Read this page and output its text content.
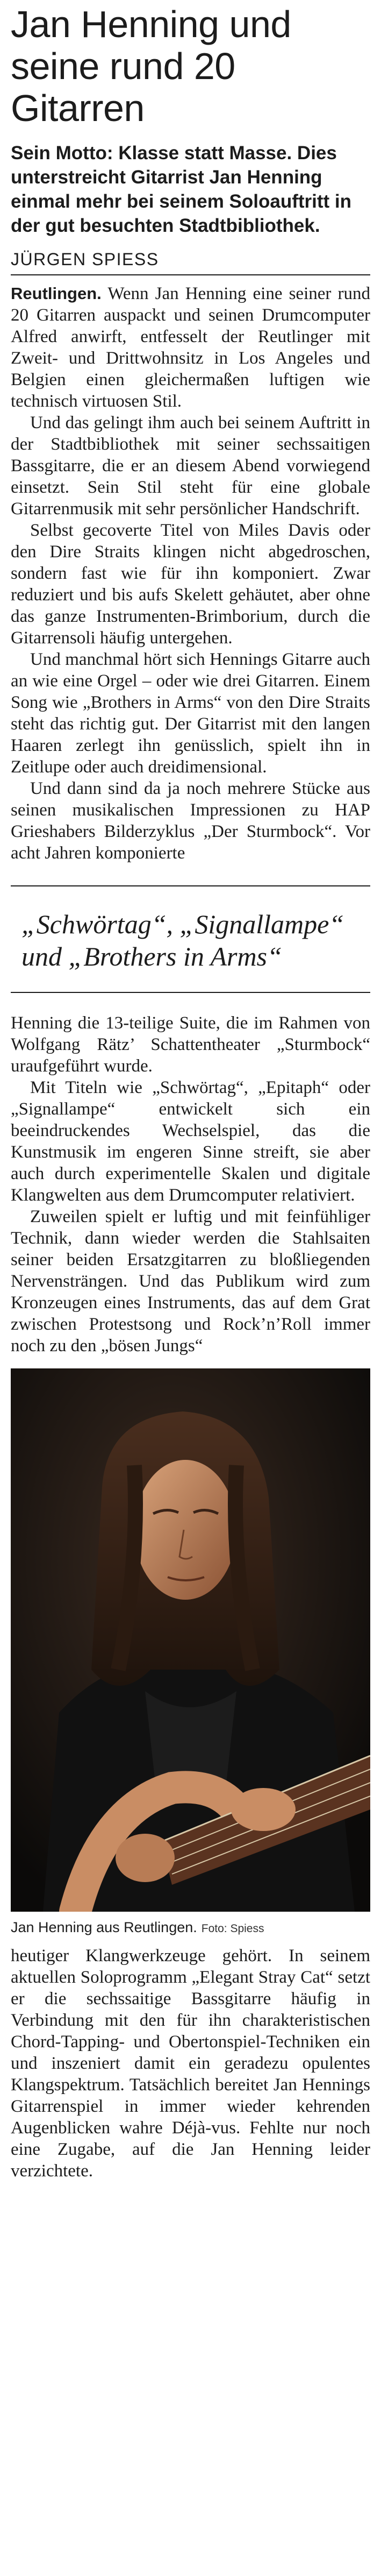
Jan Henning und seine rund 20 Gitarren

Sein Motto: Klasse statt Masse. Dies unterstreicht Gitarrist Jan Henning einmal mehr bei seinem Soloauftritt in der gut besuchten Stadtbibliothek.

JÜRGEN SPIESS

Reutlingen. Wenn Jan Henning eine seiner rund 20 Gitarren auspackt und seinen Drumcomputer Alfred anwirft, entfesselt der Reutlinger mit Zweit- und Drittwohnsitz in Los Angeles und Belgien einen gleichermaßen luftigen wie technisch virtuosen Stil.

Und das gelingt ihm auch bei seinem Auftritt in der Stadtbibliothek mit seiner sechssaitigen Bassgitarre, die er an diesem Abend vorwiegend einsetzt. Sein Stil steht für eine globale Gitarrenmusik mit sehr persönlicher Handschrift.

Selbst gecoverte Titel von Miles Davis oder den Dire Straits klingen nicht abgedroschen, sondern fast wie für ihn komponiert. Zwar reduziert und bis aufs Skelett gehäutet, aber ohne das ganze Instrumenten-Brimborium, durch die Gitarrensoli häufig untergehen.

Und manchmal hört sich Hennings Gitarre auch an wie eine Orgel – oder wie drei Gitarren. Einem Song wie „Brothers in Arms“ von den Dire Straits steht das richtig gut. Der Gitarrist mit den langen Haaren zerlegt ihn genüsslich, spielt ihn in Zeitlupe oder auch dreidimensional.

Und dann sind da ja noch mehrere Stücke aus seinen musikalischen Impressionen zu HAP Grieshabers Bilderzyklus „Der Sturmbock“. Vor acht Jahren komponierte

„Schwörtag“, „Signallampe“ und „Brothers in Arms“

Henning die 13-teilige Suite, die im Rahmen von Wolfgang Rätz’ Schattentheater „Sturmbock“ uraufgeführt wurde.

Mit Titeln wie „Schwörtag“, „Epitaph“ oder „Signallampe“ entwickelt sich ein beeindruckendes Wechselspiel, das die Kunstmusik im engeren Sinne streift, sie aber auch durch experimentelle Skalen und digitale Klangwelten aus dem Drumcomputer relativiert.

Zuweilen spielt er luftig und mit feinfühliger Technik, dann wieder werden die Stahlsaiten seiner beiden Ersatzgitarren zu bloßliegenden Nervensträngen. Und das Publikum wird zum Kronzeugen eines Instruments, das auf dem Grat zwischen Protestsong und Rock’n’Roll immer noch zu den „bösen Jungs“

Jan Henning aus Reutlingen. Foto: Spiess

heutiger Klangwerkzeuge gehört. In seinem aktuellen Soloprogramm „Elegant Stray Cat“ setzt er die sechssaitige Bassgitarre häufig in Verbindung mit den für ihn charakteristischen Chord-Tapping- und Obertonspiel-Techniken ein und inszeniert damit ein geradezu opulentes Klangspektrum. Tatsächlich bereitet Jan Hennings Gitarrenspiel in immer wieder kehrenden Augenblicken wahre Déjà-vus. Fehlte nur noch eine Zugabe, auf die Jan Henning leider verzichtete.
